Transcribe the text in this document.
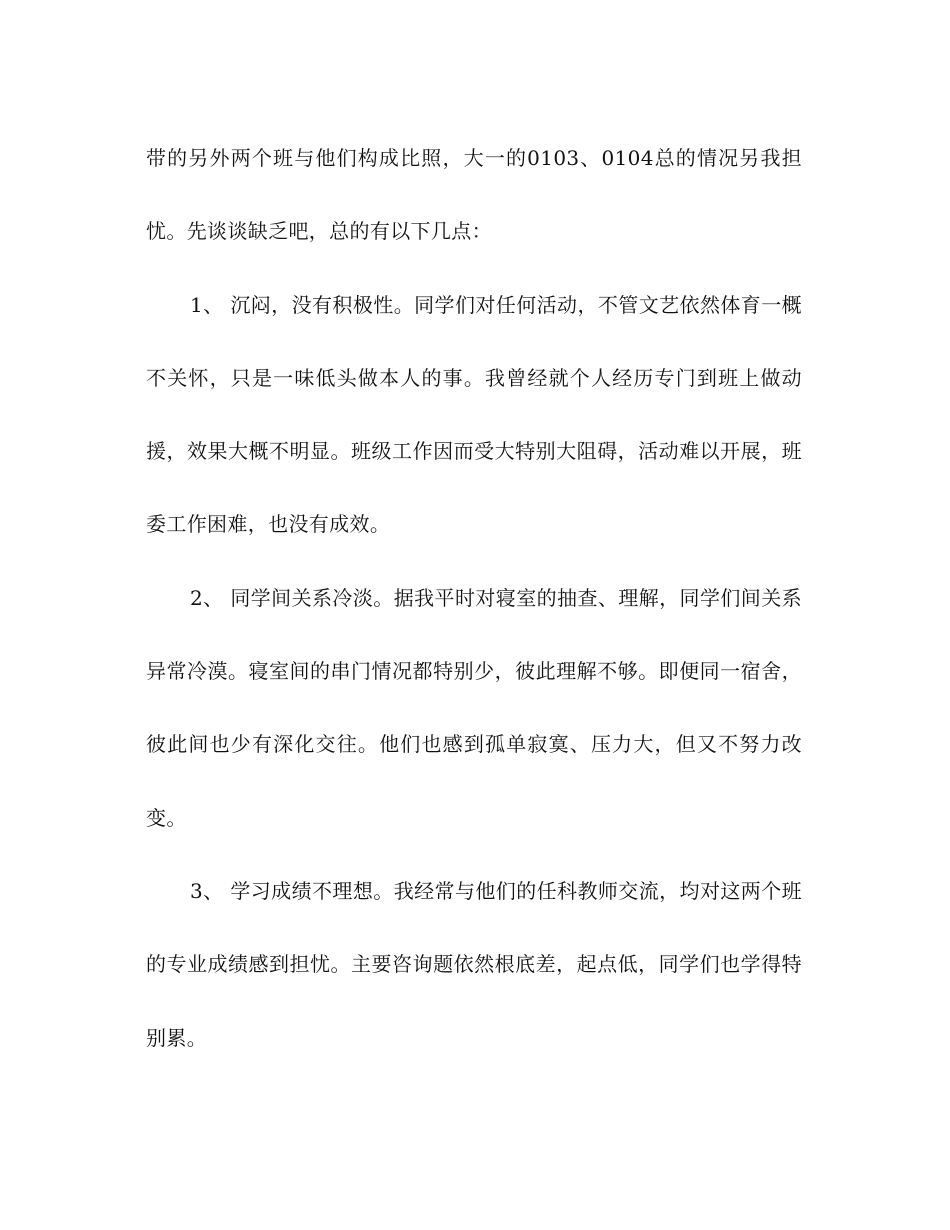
带的另外两个班与他们构成比照，大一的0103、0104总的情况另我担忧。先谈谈缺乏吧，总的有以下几点：

1、 沉闷，没有积极性。同学们对任何活动，不管文艺依然体育一概不关怀，只是一味低头做本人的事。我曾经就个人经历专门到班上做动援，效果大概不明显。班级工作因而受大特别大阻碍，活动难以开展，班委工作困难，也没有成效。

2、 同学间关系冷淡。据我平时对寝室的抽查、理解，同学们间关系异常冷漠。寝室间的串门情况都特别少，彼此理解不够。即便同一宿舍，彼此间也少有深化交往。他们也感到孤单寂寞、压力大，但又不努力改变。

3、 学习成绩不理想。我经常与他们的任科教师交流，均对这两个班的专业成绩感到担忧。主要咨询题依然根底差，起点低，同学们也学得特别累。
